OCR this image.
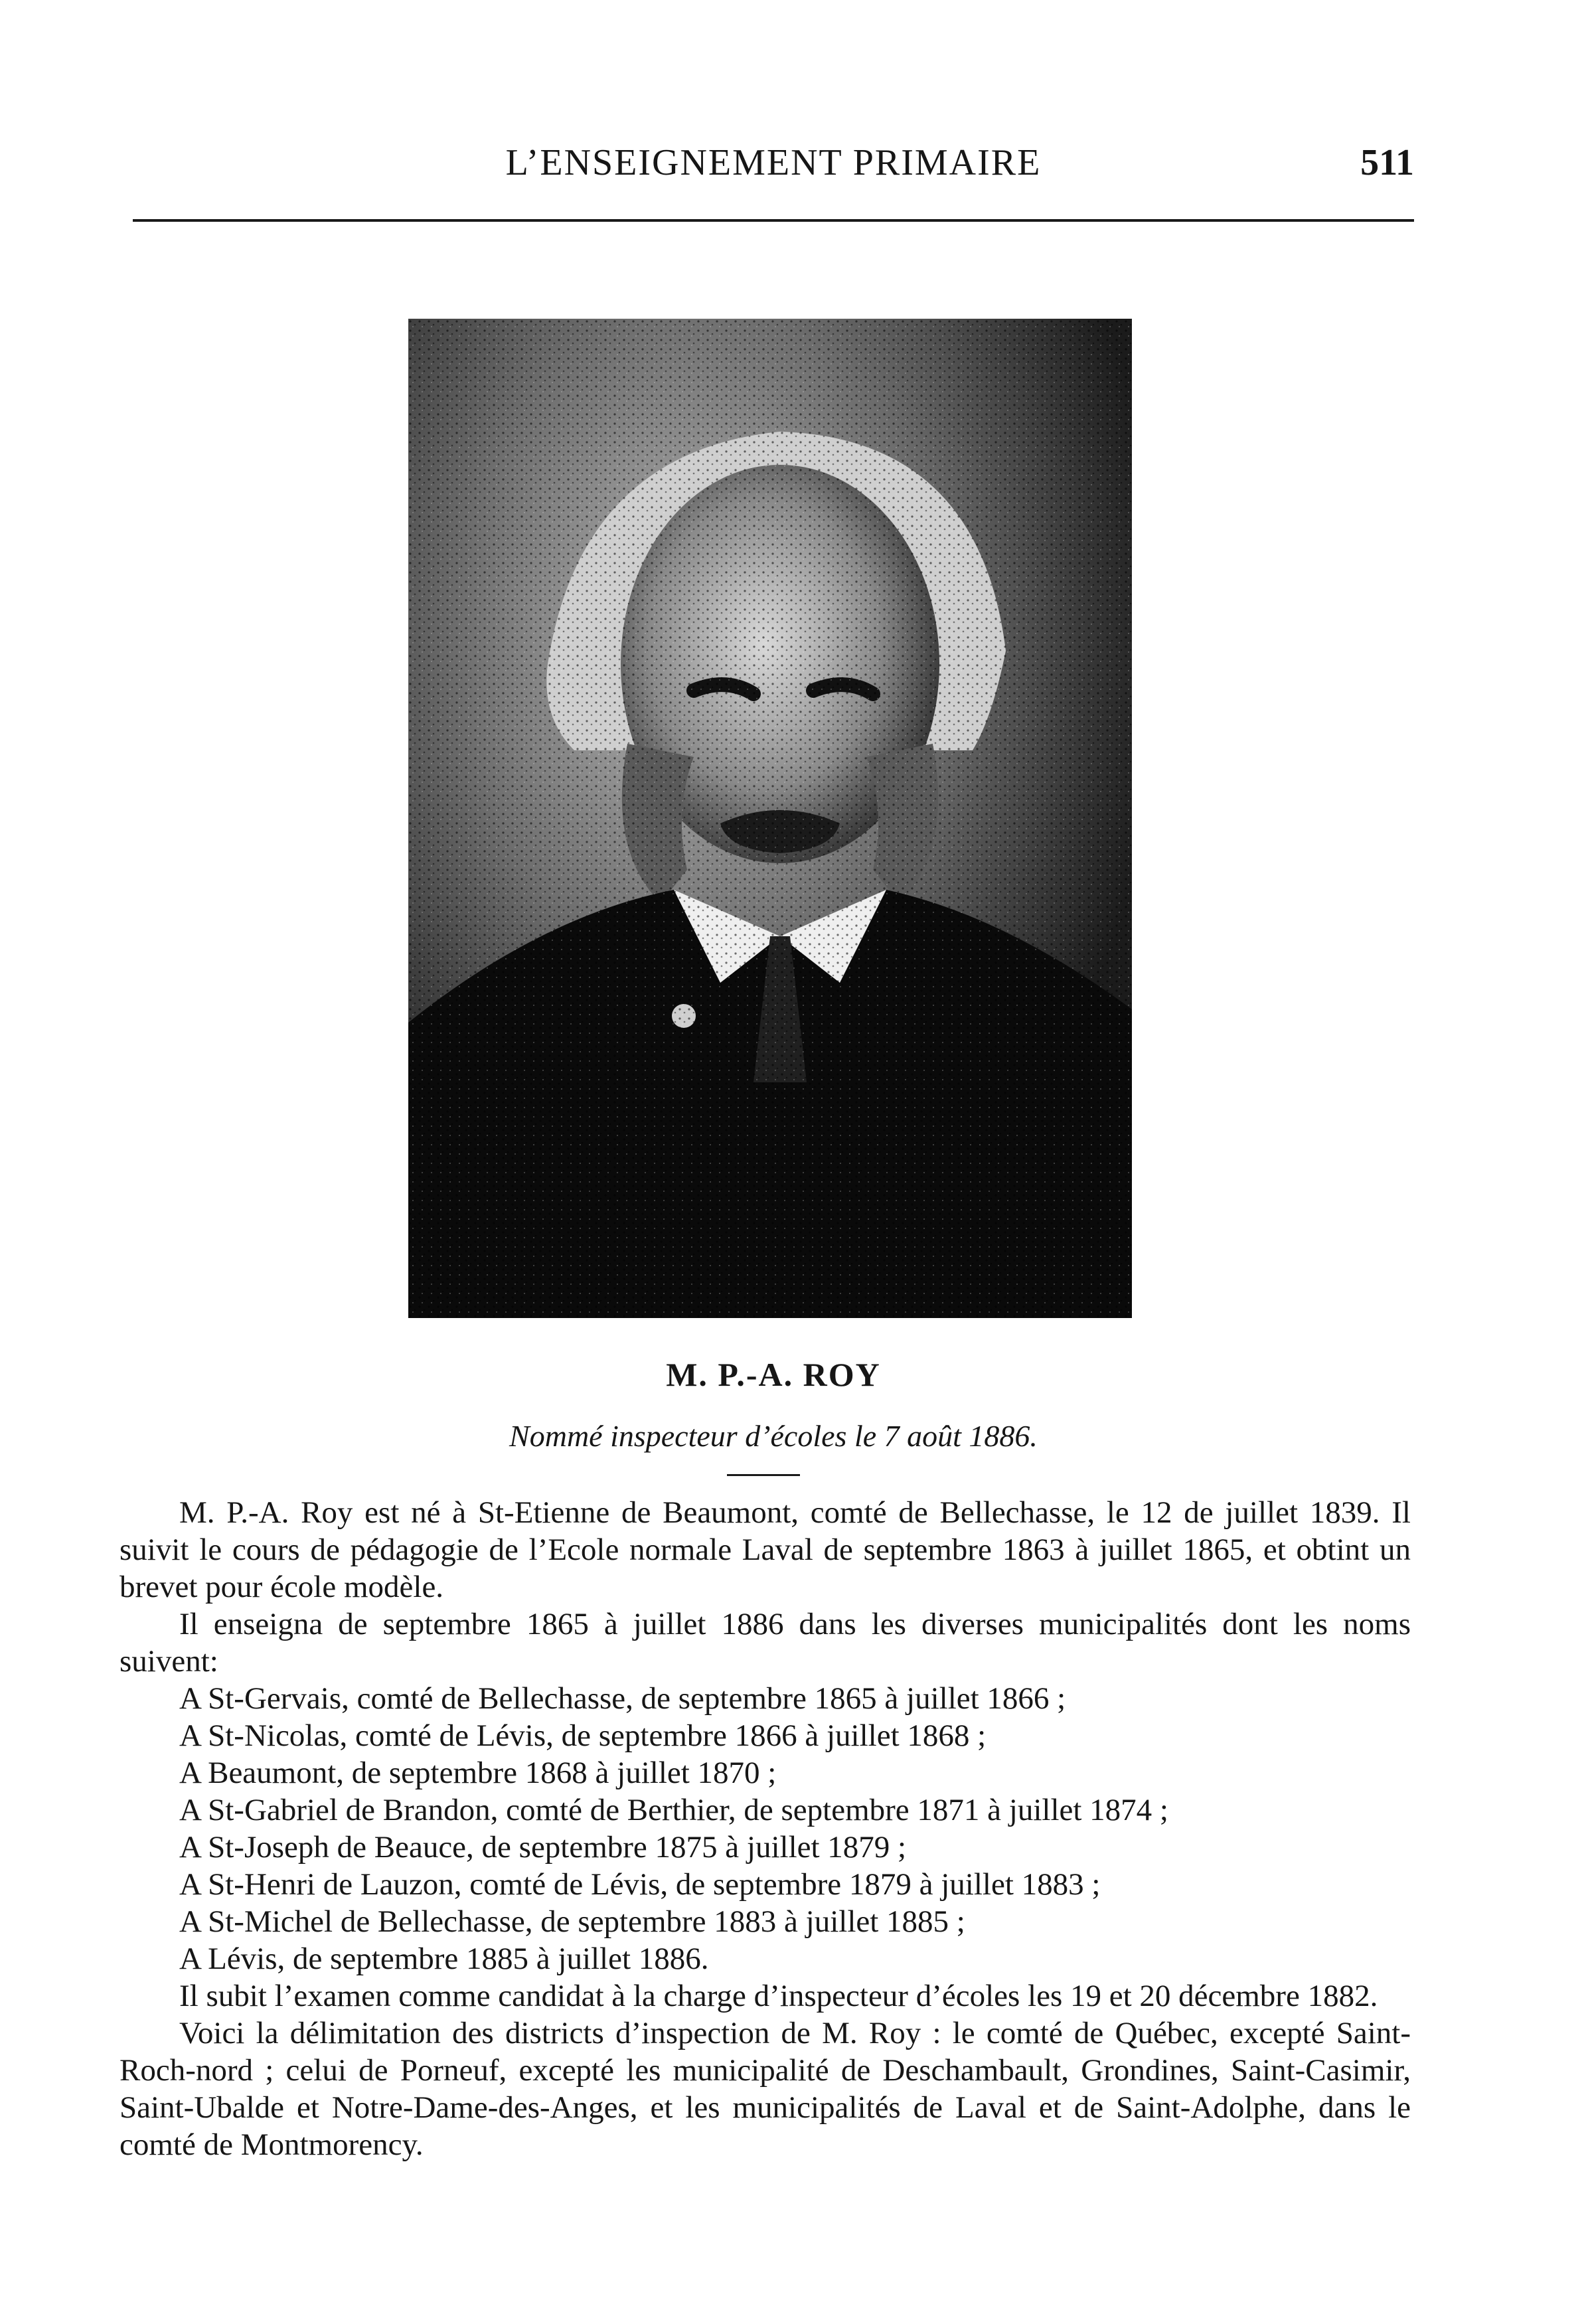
L’ENSEIGNEMENT PRIMAIRE	511
M. P.-A. ROY
Nommé inspecteur d’écoles le 7 août 1886.

M. P.-A. Roy est né à St-Etienne de Beaumont, comté de Bellechasse, le 12 de juillet 1839. Il suivit le cours de pédagogie de l’Ecole normale Laval de septembre 1863 à juillet 1865, et obtint un brevet pour école modèle.

Il enseigna de septembre 1865 à juillet 1886 dans les diverses municipalités dont les noms suivent:

A St-Gervais, comté de Bellechasse, de septembre 1865 à juillet 1866 ;
A St-Nicolas, comté de Lévis, de septembre 1866 à juillet 1868 ;
A Beaumont, de septembre 1868 à juillet 1870 ;
A St-Gabriel de Brandon, comté de Berthier, de septembre 1871 à juillet 1874 ;
A St-Joseph de Beauce, de septembre 1875 à juillet 1879 ;
A St-Henri de Lauzon, comté de Lévis, de septembre 1879 à juillet 1883 ;
A St-Michel de Bellechasse, de septembre 1883 à juillet 1885 ;
A Lévis, de septembre 1885 à juillet 1886.

Il subit l’examen comme candidat à la charge d’inspecteur d’écoles les 19 et 20 décembre 1882.

Voici la délimitation des districts d’inspection de M. Roy : le comté de Québec, excepté Saint-Roch-nord ; celui de Porneuf, excepté les municipalité de Deschambault, Grondines, Saint-Casimir, Saint-Ubalde et Notre-Dame-des-Anges, et les municipalités de Laval et de Saint-Adolphe, dans le comté de Montmorency.
